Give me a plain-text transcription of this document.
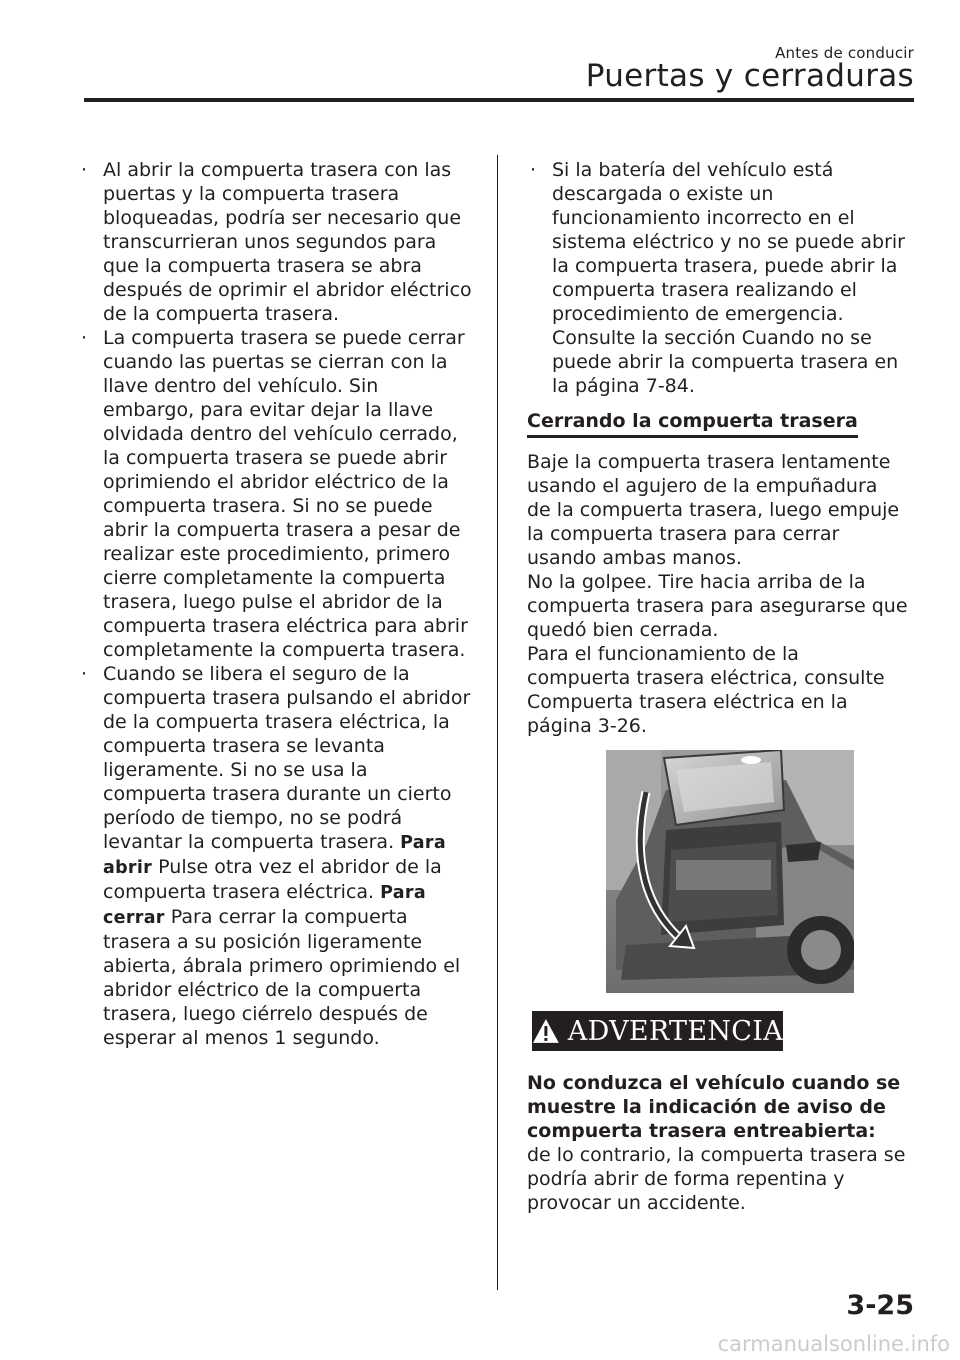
Antes de conducir
Puertas y cerraduras
· Al abrir la compuerta trasera con las puertas y la compuerta trasera bloqueadas, podría ser necesario que transcurrieran unos segundos para que la compuerta trasera se abra después de oprimir el abridor eléctrico de la compuerta trasera.

· La compuerta trasera se puede cerrar cuando las puertas se cierran con la llave dentro del vehículo. Sin embargo, para evitar dejar la llave olvidada dentro del vehículo cerrado, la compuerta trasera se puede abrir oprimiendo el abridor eléctrico de la compuerta trasera. Si no se puede abrir la compuerta trasera a pesar de realizar este procedimiento, primero cierre completamente la compuerta trasera, luego pulse el abridor de la compuerta trasera eléctrica para abrir completamente la compuerta trasera.

· Cuando se libera el seguro de la compuerta trasera pulsando el abridor de la compuerta trasera eléctrica, la compuerta trasera se levanta ligeramente. Si no se usa la compuerta trasera durante un cierto período de tiempo, no se podrá levantar la compuerta trasera. Para abrir Pulse otra vez el abridor de la compuerta trasera eléctrica. Para cerrar Para cerrar la compuerta trasera a su posición ligeramente abierta, ábrala primero oprimiendo el abridor eléctrico de la compuerta trasera, luego ciérrelo después de esperar al menos 1 segundo.

· Si la batería del vehículo está descargada o existe un funcionamiento incorrecto en el sistema eléctrico y no se puede abrir la compuerta trasera, puede abrir la compuerta trasera realizando el procedimiento de emergencia. Consulte la sección Cuando no se puede abrir la compuerta trasera en la página 7-84.

Cerrando la compuerta trasera

Baje la compuerta trasera lentamente
usando el agujero de la empuñadura
de la compuerta trasera, luego empuje
la compuerta trasera para cerrar
usando ambas manos.
No la golpee. Tire hacia arriba de la
compuerta trasera para asegurarse que
quedó bien cerrada.
Para el funcionamiento de la
compuerta trasera eléctrica, consulte
Compuerta trasera eléctrica en la
página 3-26.

ADVERTENCIA
No conduzca el vehículo cuando se
muestre la indicación de aviso de
compuerta trasera entreabierta:
de lo contrario, la compuerta trasera se
podría abrir de forma repentina y
provocar un accidente.
3-25
carmanualsonline.info
